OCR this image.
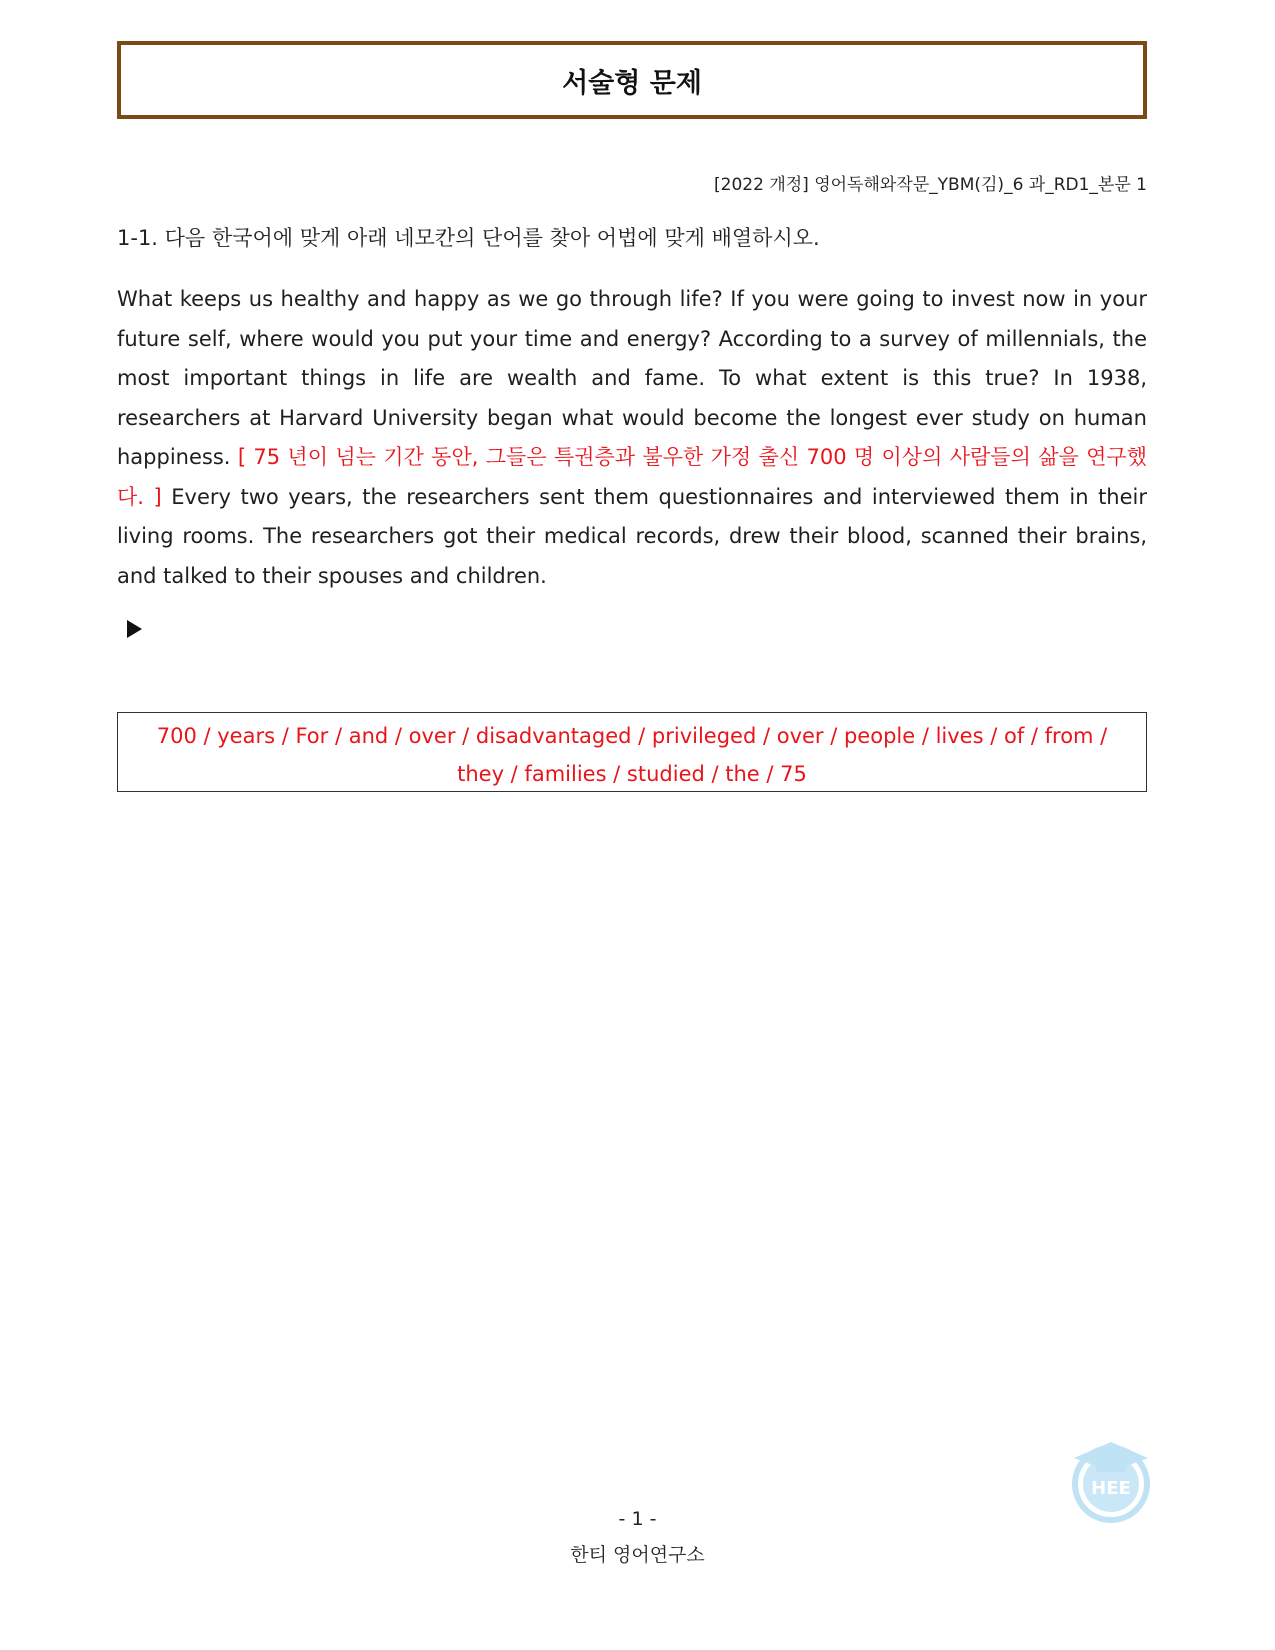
서술형 문제
[2022 개정] 영어독해와작문_YBM(김)_6 과_RD1_본문 1
1-1. 다음 한국어에 맞게 아래 네모칸의 단어를 찾아 어법에 맞게 배열하시오.
What keeps us healthy and happy as we go through life? If you were going to invest now in your future self, where would you put your time and energy? According to a survey of millennials, the most important things in life are wealth and fame. To what extent is this true? In 1938, researchers at Harvard University began what would become the longest ever study on human happiness. [ 75 년이 넘는 기간 동안, 그들은 특권층과 불우한 가정 출신 700 명 이상의 사람들의 삶을 연구했다. ] Every two years, the researchers sent them questionnaires and interviewed them in their living rooms. The researchers got their medical records, drew their blood, scanned their brains, and talked to their spouses and children.
700 / years / For / and / over / disadvantaged / privileged / over / people / lives / of / from /
they / families / studied / the / 75
HEE
- 1 -
한티 영어연구소
